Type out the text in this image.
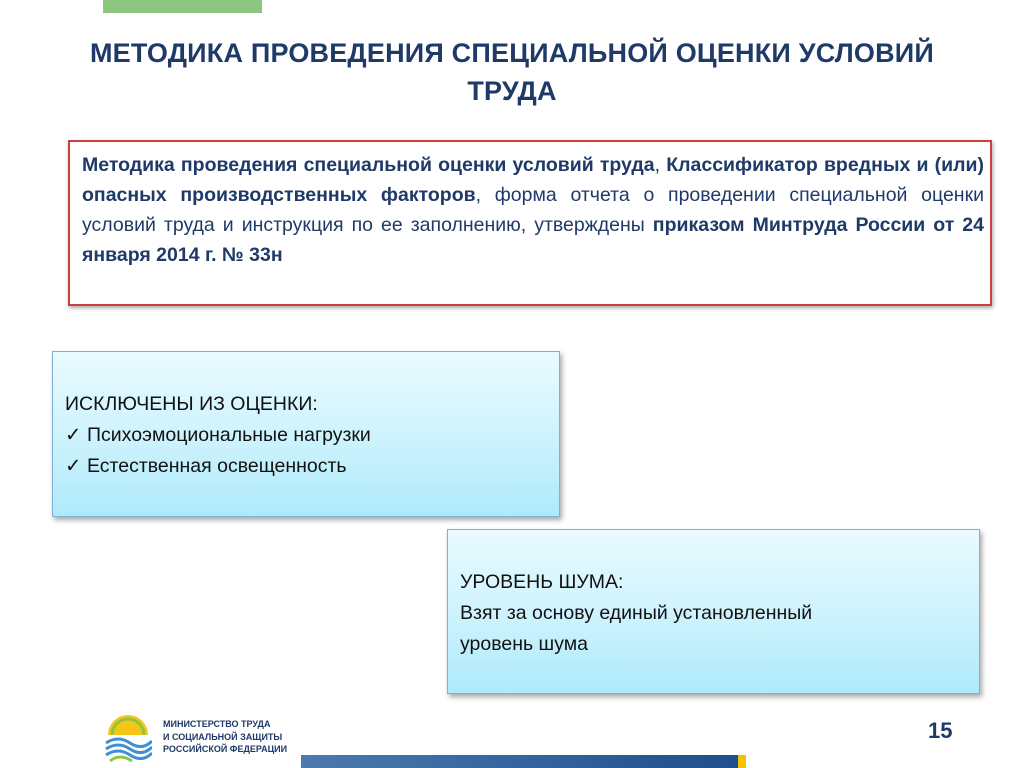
МЕТОДИКА ПРОВЕДЕНИЯ СПЕЦИАЛЬНОЙ ОЦЕНКИ УСЛОВИЙ
ТРУДА
Методика проведения специальной оценки условий труда, Классификатор вредных и (или) опасных производственных факторов, форма отчета о проведении специальной оценки условий труда и инструкция по ее заполнению, утверждены приказом Минтруда России от 24 января 2014 г. № 33н
ИСКЛЮЧЕНЫ ИЗ ОЦЕНКИ:
✓ Психоэмоциональные нагрузки
✓ Естественная освещенность
УРОВЕНЬ ШУМА:
Взят за основу единый установленный
уровень шума
МИНИСТЕРСТВО ТРУДА
И СОЦИАЛЬНОЙ ЗАЩИТЫ
РОССИЙСКОЙ ФЕДЕРАЦИИ
15
